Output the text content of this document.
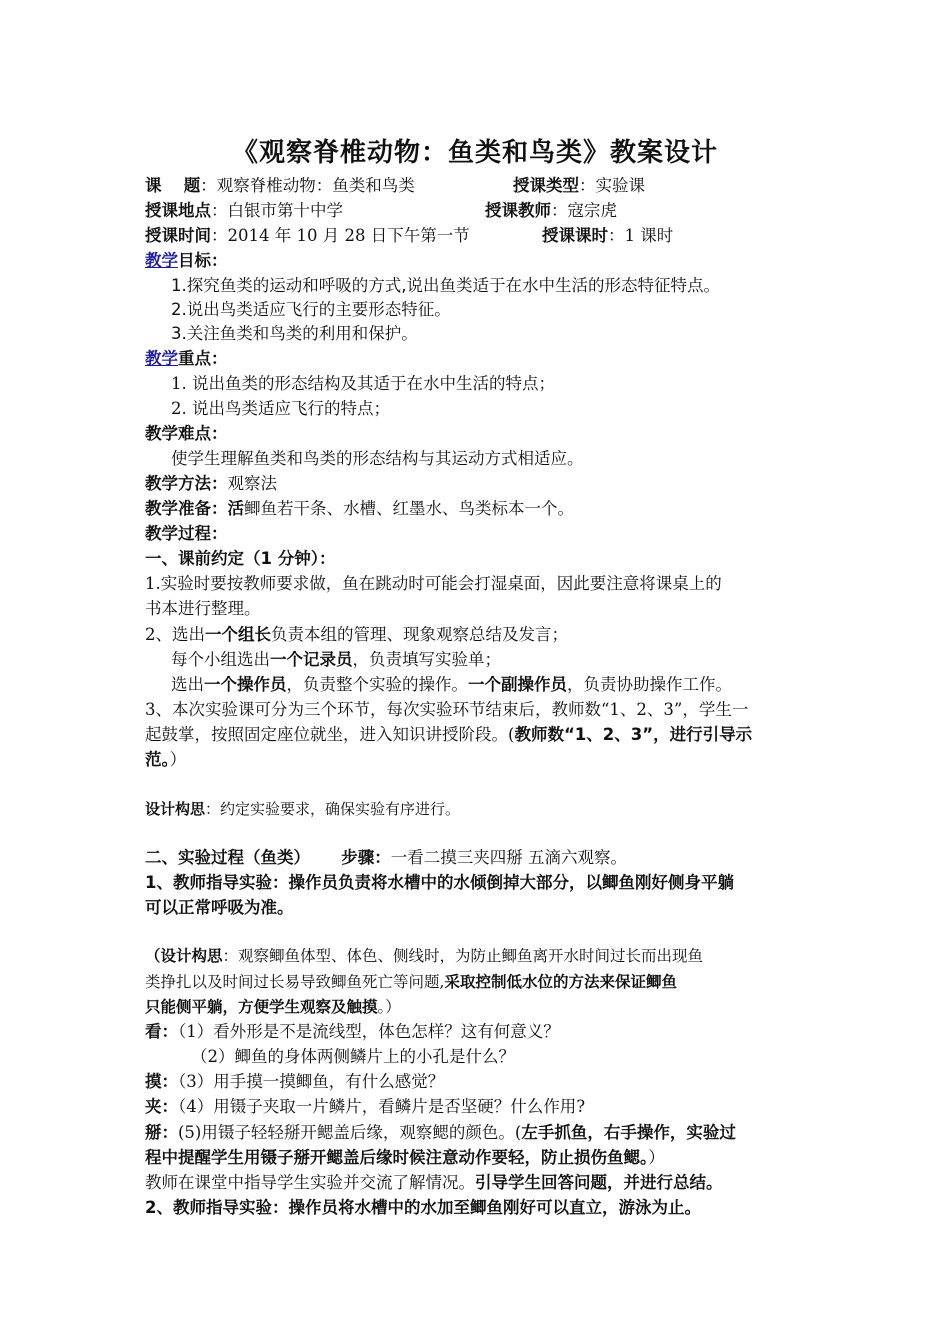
《观察脊椎动物：鱼类和鸟类》教案设计
课　 题：观察脊椎动物：鱼类和鸟类	授课类型：实验课
授课地点：白银市第十中学	授课教师：寇宗虎
授课时间：2014 年 10 月 28 日下午第一节	授课课时：1 课时
教学目标：
1.探究鱼类的运动和呼吸的方式,说出鱼类适于在水中生活的形态特征特点。
2.说出鸟类适应飞行的主要形态特征。
3.关注鱼类和鸟类的利用和保护。
教学重点：
1. 说出鱼类的形态结构及其适于在水中生活的特点；
2. 说出鸟类适应飞行的特点；
教学难点：
使学生理解鱼类和鸟类的形态结构与其运动方式相适应。
教学方法：观察法
教学准备：活鲫鱼若干条、水槽、红墨水、鸟类标本一个。
教学过程：
一、课前约定（1 分钟）：
1.实验时要按教师要求做，鱼在跳动时可能会打湿桌面，因此要注意将课桌上的
书本进行整理。
2、选出一个组长负责本组的管理、现象观察总结及发言；
每个小组选出一个记录员，负责填写实验单；
选出一个操作员，负责整个实验的操作。一个副操作员，负责协助操作工作。
3、本次实验课可分为三个环节，每次实验环节结束后，教师数“1、2、3”，学生一
起鼓掌，按照固定座位就坐，进入知识讲授阶段。(教师数“1、2、3”，进行引导示
范。）
设计构思：约定实验要求，确保实验有序进行。
二、实验过程（鱼类） 步骤：一看二摸三夹四掰 五滴六观察。
1、教师指导实验：操作员负责将水槽中的水倾倒掉大部分，以鲫鱼刚好侧身平躺
可以正常呼吸为准。
（设计构思：观察鲫鱼体型、体色、侧线时，为防止鲫鱼离开水时间过长而出现鱼
类挣扎以及时间过长易导致鲫鱼死亡等问题,采取控制低水位的方法来保证鲫鱼
只能侧平躺，方便学生观察及触摸。）
看：（1）看外形是不是流线型，体色怎样？这有何意义？
（2）鲫鱼的身体两侧鳞片上的小孔是什么？
摸：（3）用手摸一摸鲫鱼，有什么感觉？
夹：（4）用镊子夹取一片鳞片，看鳞片是否坚硬？什么作用?
掰：(5)用镊子轻轻掰开鳃盖后缘，观察鳃的颜色。(左手抓鱼，右手操作，实验过
程中提醒学生用镊子掰开鳃盖后缘时候注意动作要轻，防止损伤鱼鳃。）
教师在课堂中指导学生实验并交流了解情况。引导学生回答问题，并进行总结。
2、教师指导实验：操作员将水槽中的水加至鲫鱼刚好可以直立，游泳为止。
